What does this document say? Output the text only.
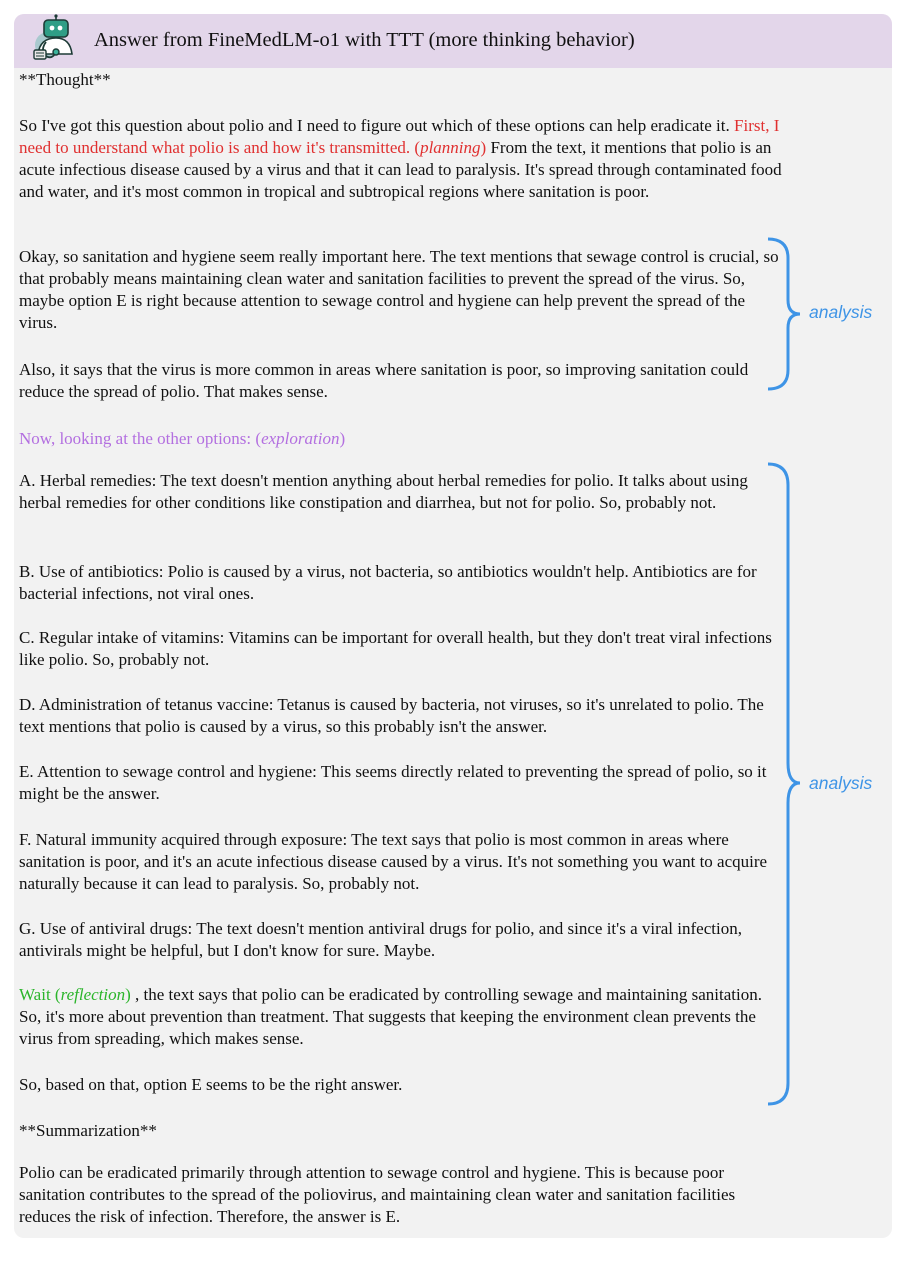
Answer from FineMedLM-o1 with TTT (more thinking behavior)

**Thought**

So I've got this question about polio and I need to figure out which of these options can help eradicate it. First, I need to understand what polio is and how it's transmitted. (planning) From the text, it mentions that polio is an acute infectious disease caused by a virus and that it can lead to paralysis. It's spread through contaminated food and water, and it's most common in tropical and subtropical regions where sanitation is poor.

Okay, so sanitation and hygiene seem really important here. The text mentions that sewage control is crucial, so that probably means maintaining clean water and sanitation facilities to prevent the spread of the virus. So, maybe option E is right because attention to sewage control and hygiene can help prevent the spread of the virus.

Also, it says that the virus is more common in areas where sanitation is poor, so improving sanitation could reduce the spread of polio. That makes sense.

Now, looking at the other options: (exploration)

A. Herbal remedies: The text doesn't mention anything about herbal remedies for polio. It talks about using herbal remedies for other conditions like constipation and diarrhea, but not for polio. So, probably not.

B. Use of antibiotics: Polio is caused by a virus, not bacteria, so antibiotics wouldn't help. Antibiotics are for bacterial infections, not viral ones.

C. Regular intake of vitamins: Vitamins can be important for overall health, but they don't treat viral infections like polio. So, probably not.

D. Administration of tetanus vaccine: Tetanus is caused by bacteria, not viruses, so it's unrelated to polio. The text mentions that polio is caused by a virus, so this probably isn't the answer.

E. Attention to sewage control and hygiene: This seems directly related to preventing the spread of polio, so it might be the answer.

F. Natural immunity acquired through exposure: The text says that polio is most common in areas where sanitation is poor, and it's an acute infectious disease caused by a virus. It's not something you want to acquire naturally because it can lead to paralysis. So, probably not.

G. Use of antiviral drugs: The text doesn't mention antiviral drugs for polio, and since it's a viral infection, antivirals might be helpful, but I don't know for sure. Maybe.

Wait (reflection) , the text says that polio can be eradicated by controlling sewage and maintaining sanitation. So, it's more about prevention than treatment. That suggests that keeping the environment clean prevents the virus from spreading, which makes sense.

So, based on that, option E seems to be the right answer.

**Summarization**

Polio can be eradicated primarily through attention to sewage control and hygiene. This is because poor sanitation contributes to the spread of the poliovirus, and maintaining clean water and sanitation facilities reduces the risk of infection. Therefore, the answer is E.

analysis
analysis
